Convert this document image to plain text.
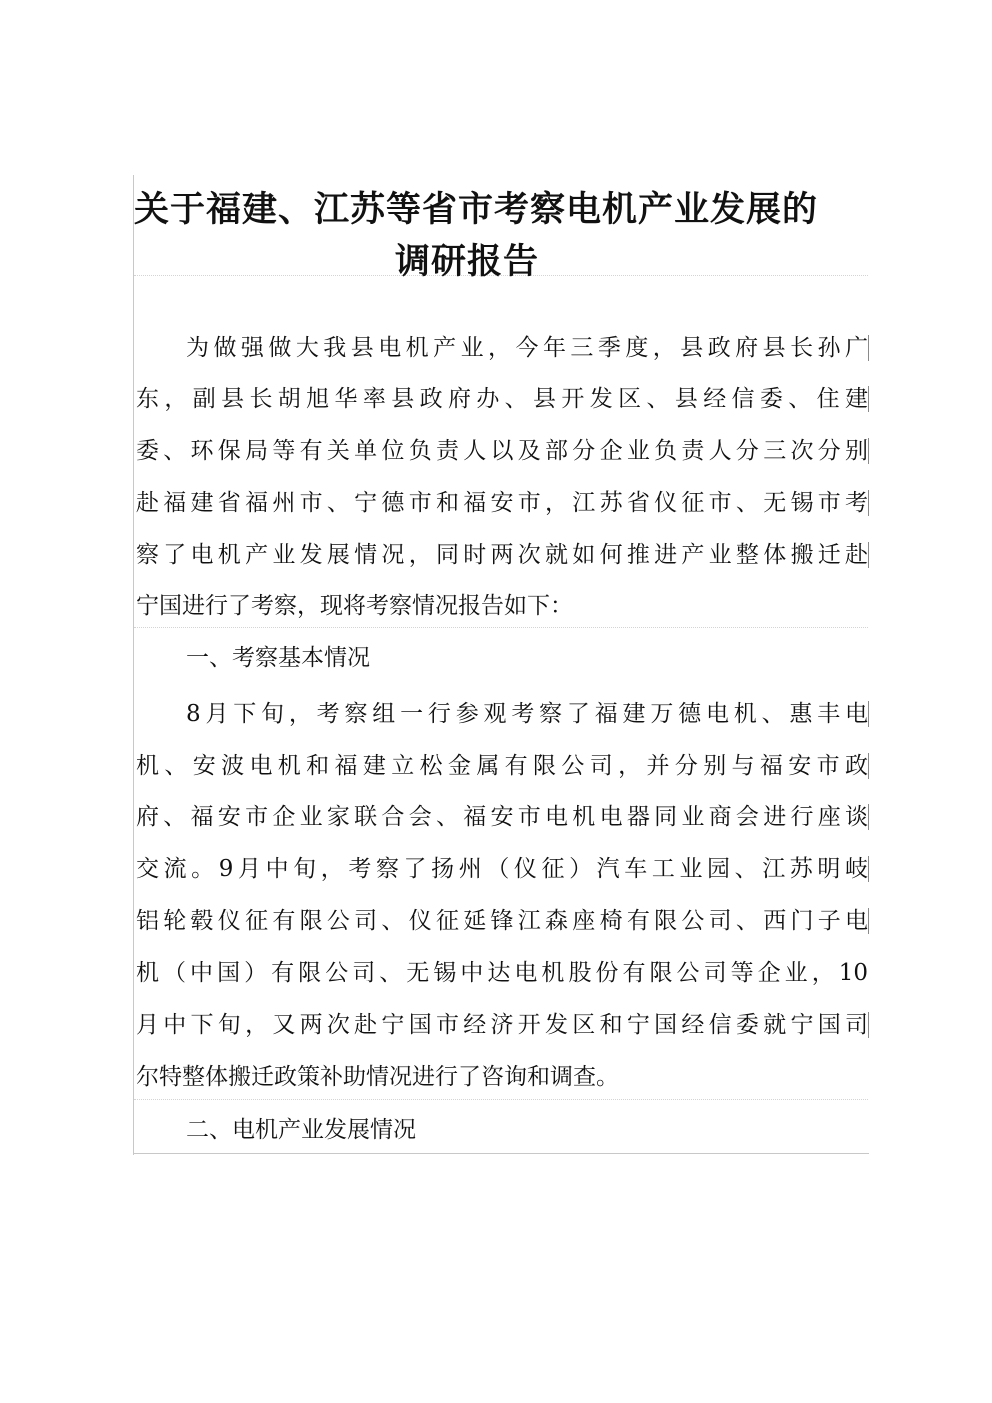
关于福建、江苏等省市考察电机产业发展的
调研报告
为做强做大我县电机产业，今年三季度，县政府县长孙广
东，副县长胡旭华率县政府办、县开发区、县经信委、住建
委、环保局等有关单位负责人以及部分企业负责人分三次分别
赴福建省福州市、宁德市和福安市，江苏省仪征市、无锡市考
察了电机产业发展情况，同时两次就如何推进产业整体搬迁赴
宁国进行了考察，现将考察情况报告如下：
一、考察基本情况
8月下旬，考察组一行参观考察了福建万德电机、惠丰电
机、安波电机和福建立松金属有限公司，并分别与福安市政
府、福安市企业家联合会、福安市电机电器同业商会进行座谈
交流。9月中旬，考察了扬州（仪征）汽车工业园、江苏明岐
铝轮毂仪征有限公司、仪征延锋江森座椅有限公司、西门子电
机（中国）有限公司、无锡中达电机股份有限公司等企业，10
月中下旬，又两次赴宁国市经济开发区和宁国经信委就宁国司
尔特整体搬迁政策补助情况进行了咨询和调查。
二、电机产业发展情况
